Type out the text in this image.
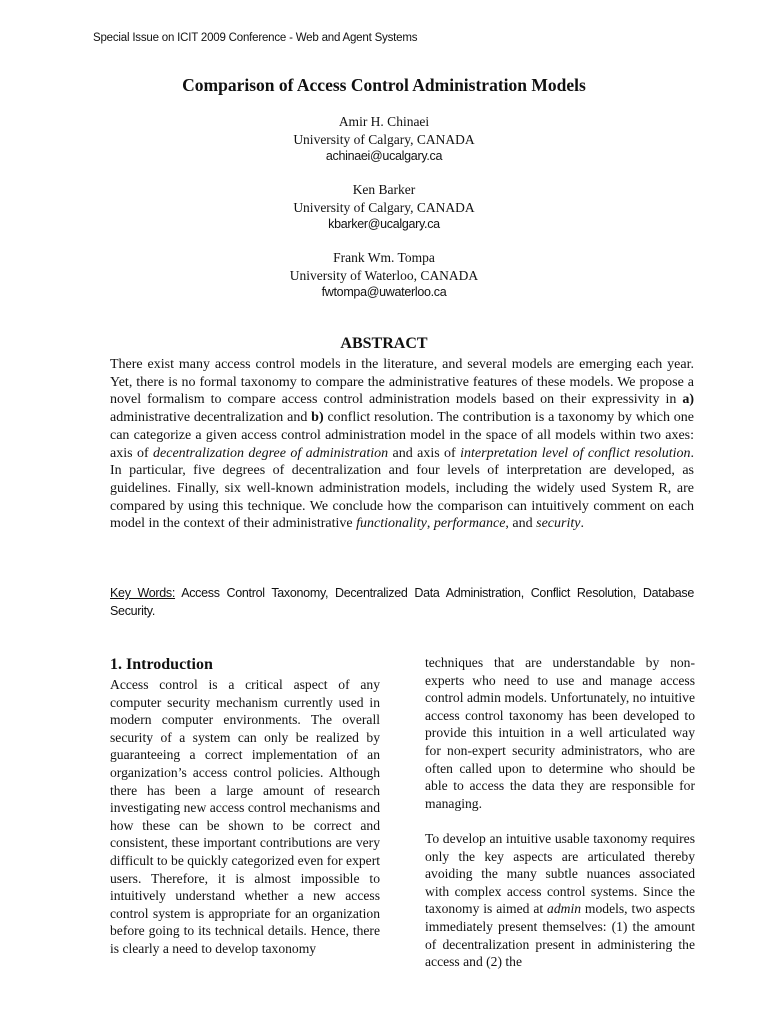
Special Issue on ICIT 2009 Conference - Web and Agent Systems
Comparison of Access Control Administration Models
Amir H. Chinaei
University of Calgary, CANADA
achinaei@ucalgary.ca
Ken Barker
University of Calgary, CANADA
kbarker@ucalgary.ca
Frank Wm. Tompa
University of Waterloo, CANADA
fwtompa@uwaterloo.ca
ABSTRACT

There exist many access control models in the literature, and several models are emerging each year. Yet, there is no formal taxonomy to compare the administrative features of these models. We propose a novel formalism to compare access control administration models based on their expressivity in a) administrative decentralization and b) conflict resolution. The contribution is a taxonomy by which one can categorize a given access control administration model in the space of all models within two axes: axis of decentralization degree of administration and axis of interpretation level of conflict resolution. In particular, five degrees of decentralization and four levels of interpretation are developed, as guidelines. Finally, six well-known administration models, including the widely used System R, are compared by using this technique. We conclude how the comparison can intuitively comment on each model in the context of their administrative functionality, performance, and security.

Key Words: Access Control Taxonomy, Decentralized Data Administration, Conflict Resolution, Database Security.
1. Introduction

Access control is a critical aspect of any computer security mechanism currently used in modern computer environments. The overall security of a system can only be realized by guaranteeing a correct implementation of an organization’s access control policies. Although there has been a large amount of research investigating new access control mechanisms and how these can be shown to be correct and consistent, these important contributions are very difficult to be quickly categorized even for expert users. Therefore, it is almost impossible to intuitively understand whether a new access control system is appropriate for an organization before going to its technical details. Hence, there is clearly a need to develop taxonomy

techniques that are understandable by non-experts who need to use and manage access control admin models. Unfortunately, no intuitive access control taxonomy has been developed to provide this intuition in a well articulated way for non-expert security administrators, who are often called upon to determine who should be able to access the data they are responsible for managing.

To develop an intuitive usable taxonomy requires only the key aspects are articulated thereby avoiding the many subtle nuances associated with complex access control systems. Since the taxonomy is aimed at admin models, two aspects immediately present themselves: (1) the amount of decentralization present in administering the access and (2) the
